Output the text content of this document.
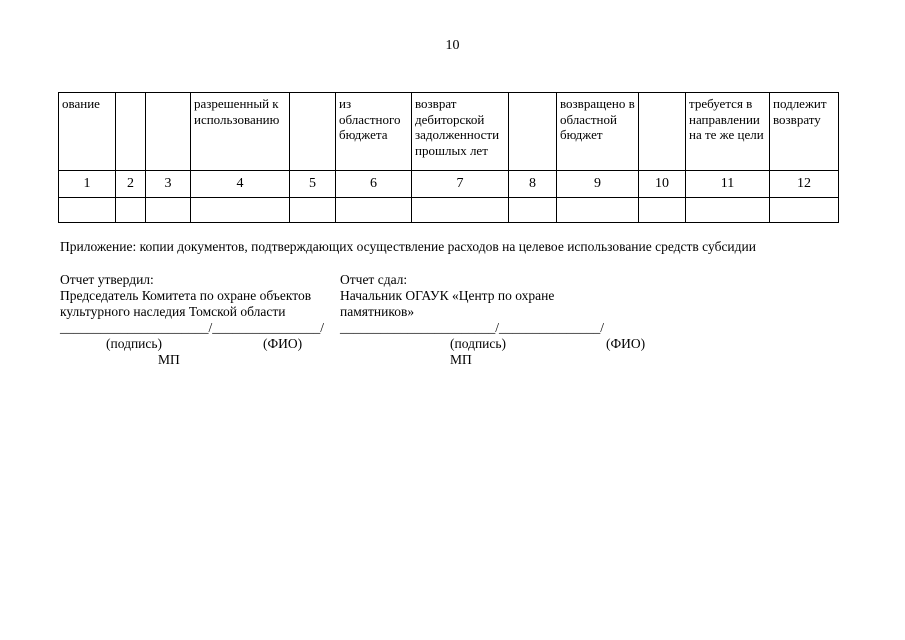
10
ование			разрешенный к использованию		из областного бюджета	возврат дебиторской задолженности прошлых лет		возвращено в областной бюджет		требуется в направлении на те же цели	подлежит возврату
1	2	3	4	5	6	7	8	9	10	11	12

Приложение: копии документов, подтверждающих осуществление расходов на целевое использование средств субсидии
Отчет утвердил:
Председатель Комитета по охране объектов
культурного наследия Томской области
______________________/________________/
(подпись)	(ФИО)
МП
Отчет сдал:
Начальник ОГАУК «Центр по охране
памятников»
_______________________/_______________/
(подпись)	(ФИО)
МП
